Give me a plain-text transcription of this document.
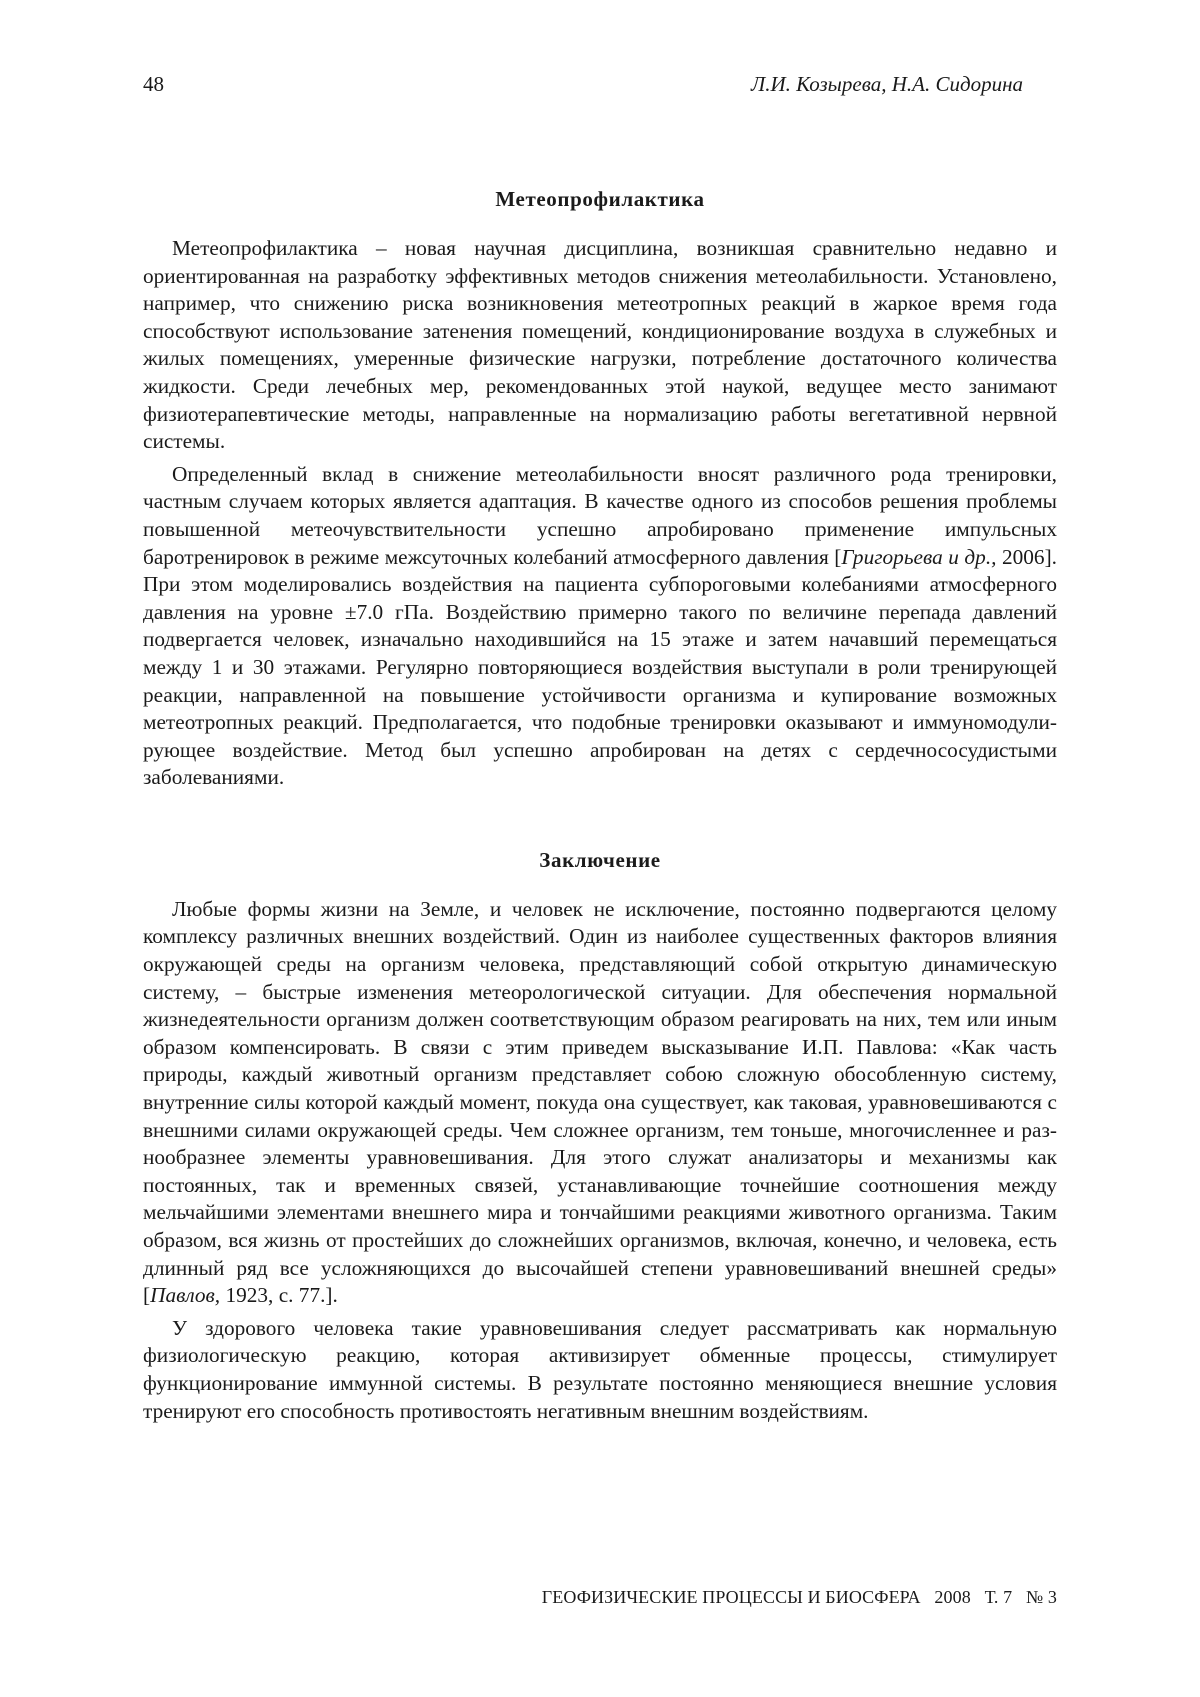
48	Л.И. Козырева, Н.А. Сидорина
Метеопрофилактика

Метеопрофилактика – новая научная дисциплина, возникшая сравнительно недавно и ориентированная на разработку эффективных методов снижения метеолабильности. Установлено, например, что снижению риска возникновения метеотропных реакций в жаркое время года способствуют использование затенения помещений, кондиционирование воздуха в служебных и жилых помещениях, умеренные физические нагрузки, потребление достаточного количества жидкости. Среди лечебных мер, рекомендованных этой наукой, ведущее место занимают физиотерапевтические методы, направленные на нормализацию работы вегетативной нервной системы.

Определенный вклад в снижение метеолабильности вносят различного рода тренировки, частным случаем которых является адаптация. В качестве одного из способов решения проблемы повышенной метеочувствительности успешно апробировано применение импульсных баротренировок в режиме межсуточных колебаний атмосферного давления [Григорьева и др., 2006]. При этом моделировались воздействия на пациента субпороговыми колебаниями атмосферного давления на уровне ±7.0 гПа. Воздействию примерно такого по величине перепада давлений подвергается человек, изначально находившийся на 15 этаже и затем начавший перемещаться между 1 и 30 этажами. Регулярно повторяющиеся воздействия выступали в роли тренирующей реакции, направленной на повышение устойчивости организма и купирование возможных метеотропных реакций. Предполагается, что подобные тренировки оказывают и иммуномодулирующее воздействие. Метод был успешно апробирован на детях с сердечнососудистыми заболеваниями.

Заключение

Любые формы жизни на Земле, и человек не исключение, постоянно подвергаются целому комплексу различных внешних воздействий. Один из наиболее существенных факторов влияния окружающей среды на организм человека, представляющий собой открытую динамическую систему, – быстрые изменения метеорологической ситуации. Для обеспечения нормальной жизнедеятельности организм должен соответствующим образом реагировать на них, тем или иным образом компенсировать. В связи с этим приведем высказывание И.П. Павлова: «Как часть природы, каждый животный организм представляет собою сложную обособленную систему, внутренние силы которой каждый момент, покуда она существует, как таковая, уравновешиваются с внешними силами окружающей среды. Чем сложнее организм, тем тоньше, многочисленнее и разнообразнее элементы уравновешивания. Для этого служат анализаторы и механизмы как постоянных, так и временных связей, устанавливающие точнейшие соотношения между мельчайшими элементами внешнего мира и тончайшими реакциями животного организма. Таким образом, вся жизнь от простейших до сложнейших организмов, включая, конечно, и человека, есть длинный ряд все усложняющихся до высочайшей степени уравновешиваний внешней среды» [Павлов, 1923, с. 77.].

У здорового человека такие уравновешивания следует рассматривать как нормальную физиологическую реакцию, которая активизирует обменные процессы, стимулирует функционирование иммунной системы. В результате постоянно меняющиеся внешние условия тренируют его способность противостоять негативным внешним воздействиям.

ГЕОФИЗИЧЕСКИЕ ПРОЦЕССЫ И БИОСФЕРА 2008 Т. 7 № 3
